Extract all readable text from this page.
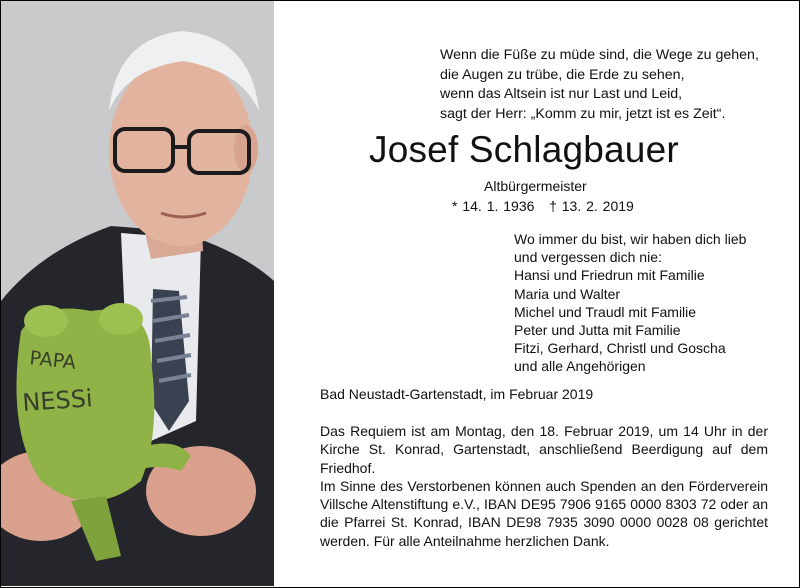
PAPA
NESSi
Wenn die Füße zu müde sind, die Wege zu gehen,
die Augen zu trübe, die Erde zu sehen,
wenn das Altsein ist nur Last und Leid,
sagt der Herr: „Komm zu mir, jetzt ist es Zeit“.
Josef Schlagbauer
Altbürgermeister
* 14. 1. 1936   † 13. 2. 2019
Wo immer du bist, wir haben dich lieb
und vergessen dich nie:
Hansi und Friedrun mit Familie
Maria und Walter
Michel und Traudl mit Familie
Peter und Jutta mit Familie
Fitzi, Gerhard, Christl und Goscha
und alle Angehörigen
Bad Neustadt-Gartenstadt, im Februar 2019

Das Requiem ist am Montag, den 18. Februar 2019, um 14 Uhr in der Kirche St. Konrad, Gartenstadt, anschließend Beerdigung auf dem Friedhof.

Im Sinne des Verstorbenen können auch Spenden an den Förderverein Villsche Altenstiftung e.V., IBAN DE95 7906 9165 0000 8303 72 oder an die Pfarrei St. Konrad, IBAN DE98 7935 3090 0000 0028 08 gerichtet werden. Für alle Anteilnahme herzlichen Dank.
